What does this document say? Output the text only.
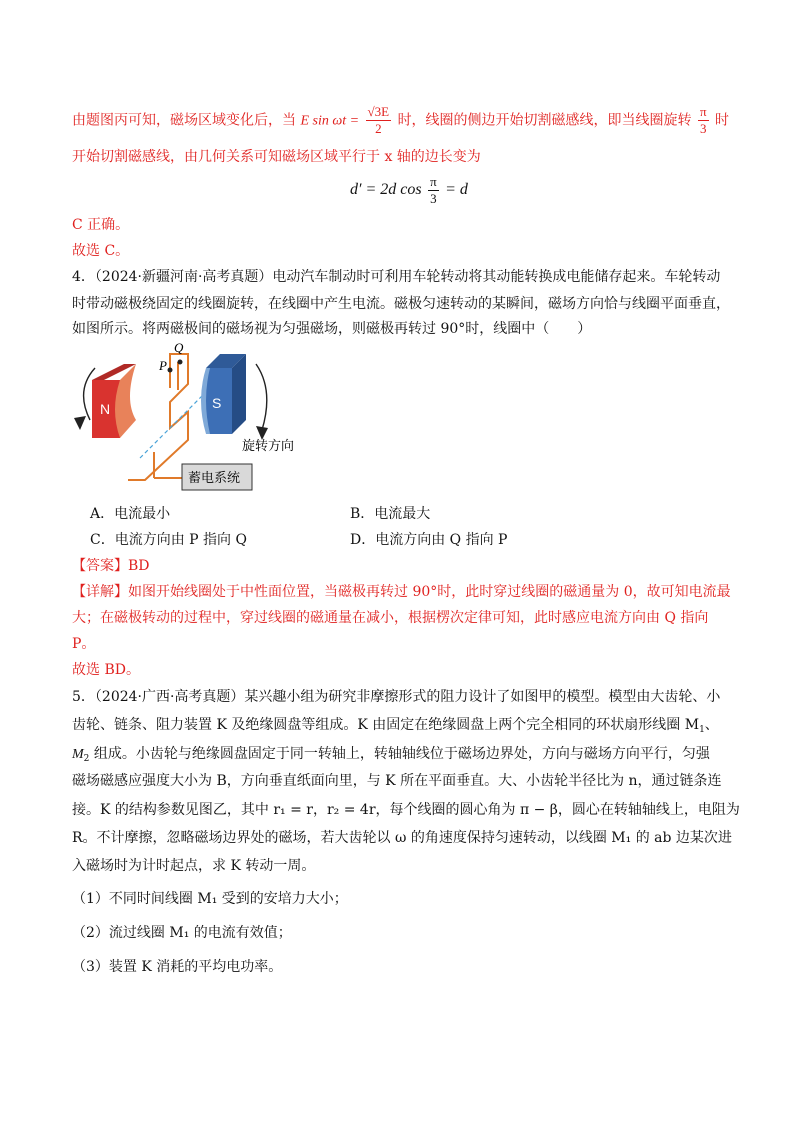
由题图丙可知，磁场区域变化后，当 E $\sin \omega t = \frac{√3E}{2}$ 时，线圈的侧边开始切割磁感线，即当线圈旋转 $\frac{\pi}{3}$ 时
开始切割磁感线，由几何关系可知磁场区域平行于 x 轴的边长变为
d′ = 2d $\cos \frac{\pi}{3} = d$
C 正确。
故选 C。
4．（2024·新疆河南·高考真题）电动汽车制动时可利用车轮转动将其动能转换成电能储存起来。车轮转动
时带动磁极绕固定的线圈旋转，在线圈中产生电流。磁极匀速转动的某瞬间，磁场方向恰与线圈平面垂直，
如图所示。将两磁极间的磁场视为匀强磁场，则磁极再转过 90°时，线圈中（　　）
N
P
Q
S
旋转方向
蓄电系统
A．电流最小	B．电流最大
C．电流方向由 P 指向 Q	D．电流方向由 Q 指向 P
【答案】BD
【详解】如图开始线圈处于中性面位置，当磁极再转过 90°时，此时穿过线圈的磁通量为 0，故可知电流最
大；在磁极转动的过程中，穿过线圈的磁通量在减小，根据楞次定律可知，此时感应电流方向由 Q 指向
P。
故选 BD。
5．（2024·广西·高考真题）某兴趣小组为研究非摩擦形式的阻力设计了如图甲的模型。模型由大齿轮、小
齿轮、链条、阻力装置 K 及绝缘圆盘等组成。K 由固定在绝缘圆盘上两个完全相同的环状扇形线圈 $M_1$、
$M_2$ 组成。小齿轮与绝缘圆盘固定于同一转轴上，转轴轴线位于磁场边界处，方向与磁场方向平行，匀强
磁场磁感应强度大小为 B，方向垂直纸面向里，与 K 所在平面垂直。大、小齿轮半径比为 n，通过链条连
接。K 的结构参数见图乙，其中 r₁ = r，r₂ = 4r，每个线圈的圆心角为 π − β，圆心在转轴轴线上，电阻为
R。不计摩擦，忽略磁场边界处的磁场，若大齿轮以 ω 的角速度保持匀速转动，以线圈 M₁ 的 ab 边某次进
入磁场时为计时起点，求 K 转动一周。
（1）不同时间线圈 M₁ 受到的安培力大小；
（2）流过线圈 M₁ 的电流有效值；
（3）装置 K 消耗的平均电功率。
